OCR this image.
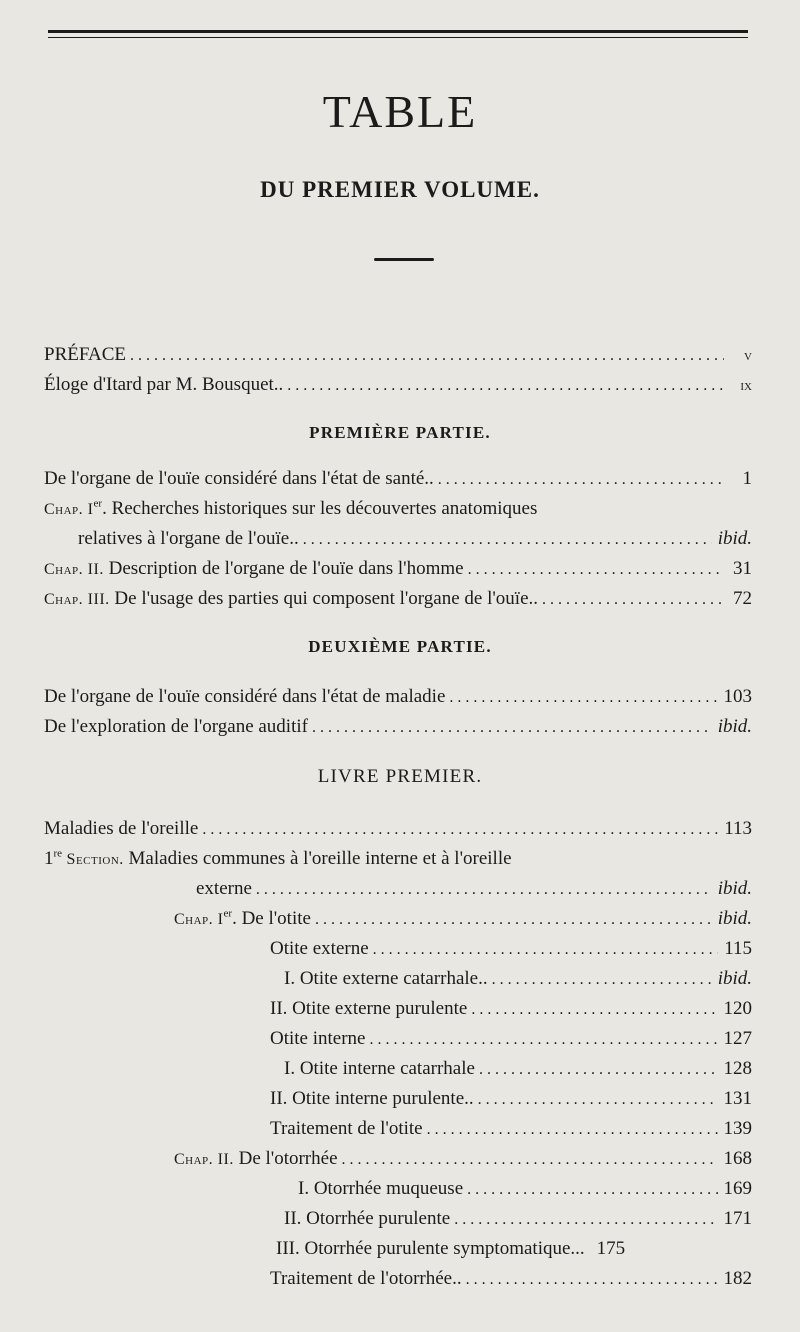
TABLE
DU PREMIER VOLUME.
PRÉFACE . . .	v
Éloge d'Itard par M. Bousquet.. . . .	ix
PREMIÈRE PARTIE.
De l'organe de l'ouïe considéré dans l'état de santé.. . . .	1
Chap. Ier. Recherches historiques sur les découvertes anatomiques
relatives à l'organe de l'ouïe.. . . .	ibid.
Chap. II. Description de l'organe de l'ouïe dans l'homme . . .	31
Chap. III. De l'usage des parties qui composent l'organe de l'ouïe.. . . .	72
DEUXIÈME PARTIE.
De l'organe de l'ouïe considéré dans l'état de maladie . . .	103
De l'exploration de l'organe auditif . . .	ibid.
LIVRE PREMIER.
Maladies de l'oreille . . .	113
1re Section. Maladies communes à l'oreille interne et à l'oreille
externe . . .	ibid.
Chap. Ier. De l'otite . . .	ibid.
Otite externe . . .	115
I. Otite externe catarrhale.. . . .	ibid.
II. Otite externe purulente . . .	120
Otite interne . . .	127
I. Otite interne catarrhale . . .	128
II. Otite interne purulente.. . . .	131
Traitement de l'otite . . .	139
Chap. II. De l'otorrhée . . .	168
I. Otorrhée muqueuse . . .	169
II. Otorrhée purulente . . .	171
III. Otorrhée purulente symptomatique... 175
Traitement de l'otorrhée.. . . .	182
